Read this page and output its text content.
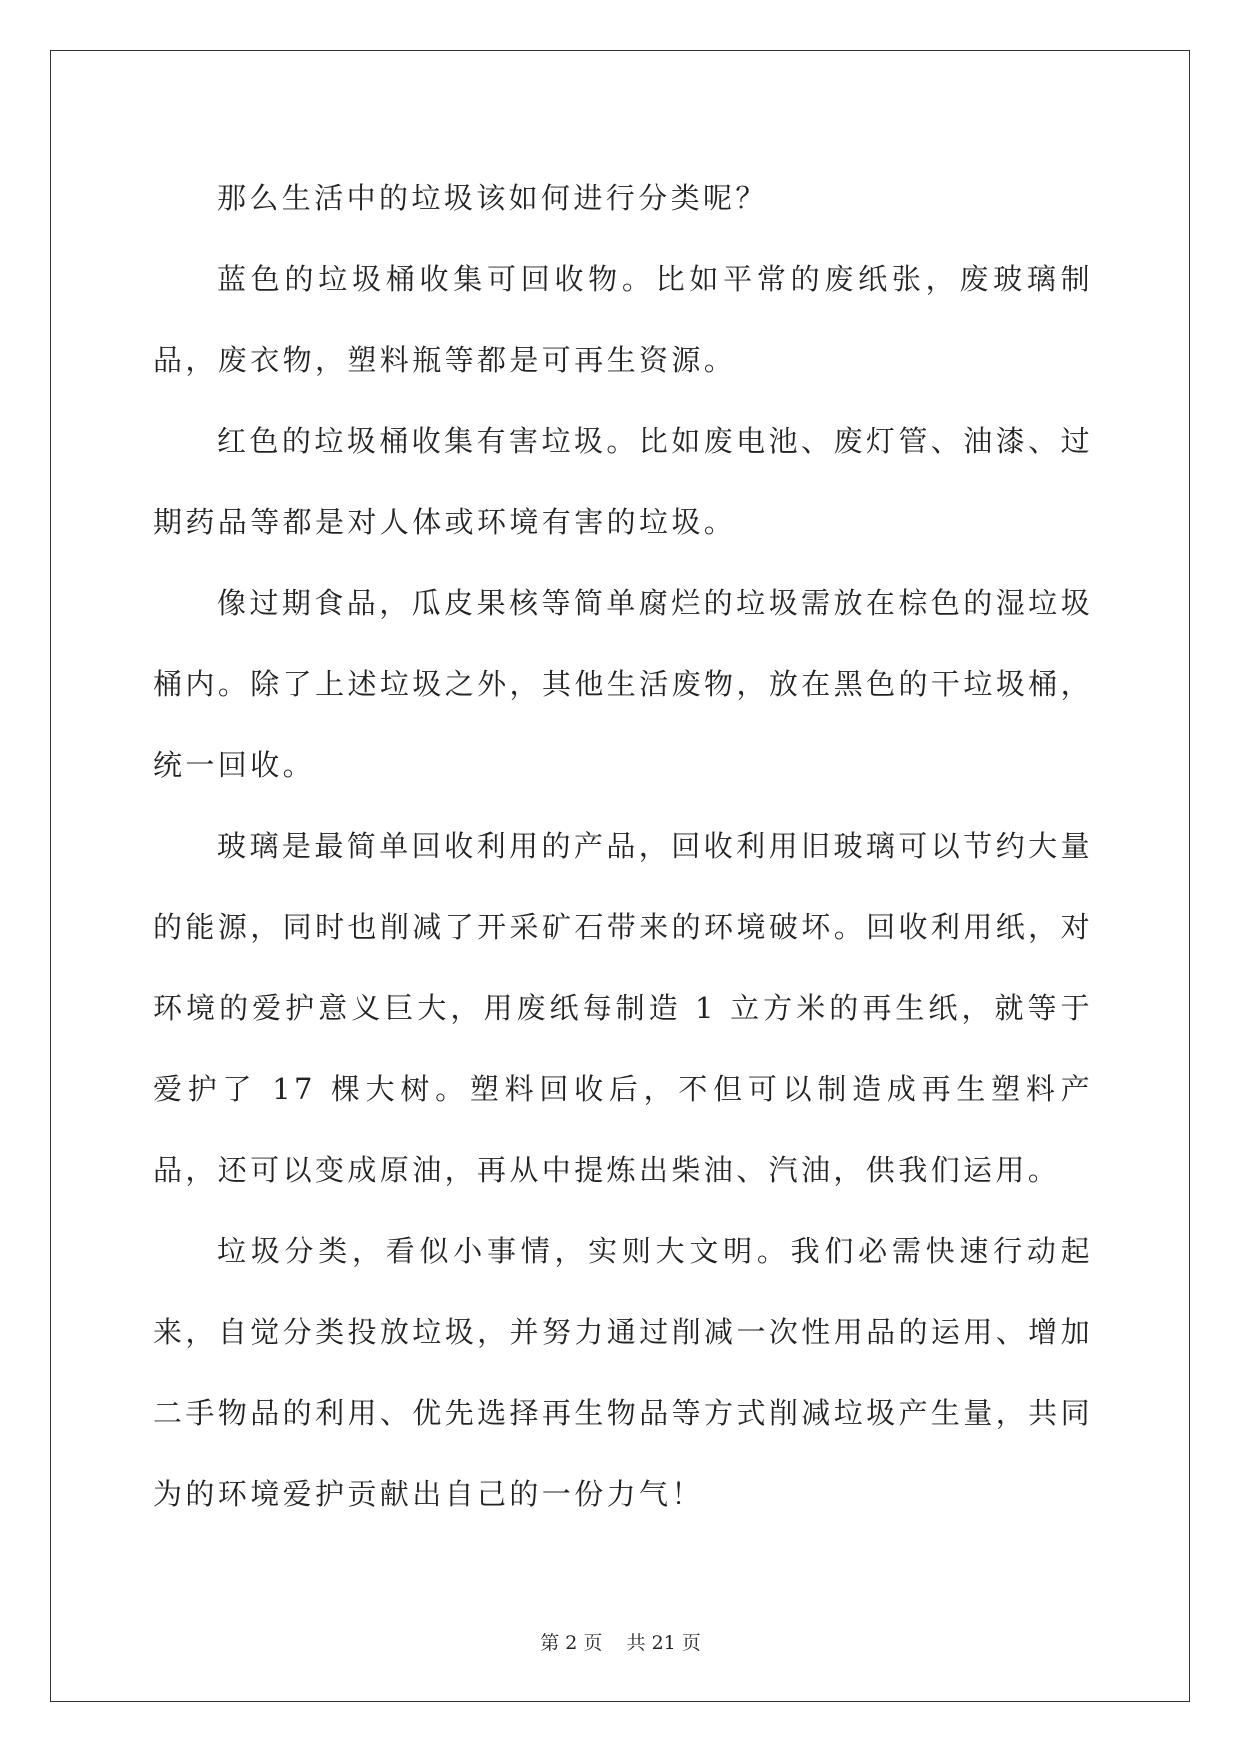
那么生活中的垃圾该如何进行分类呢？

蓝色的垃圾桶收集可回收物。比如平常的废纸张，废玻璃制品，废衣物，塑料瓶等都是可再生资源。

红色的垃圾桶收集有害垃圾。比如废电池、废灯管、油漆、过期药品等都是对人体或环境有害的垃圾。

像过期食品，瓜皮果核等简单腐烂的垃圾需放在棕色的湿垃圾桶内。除了上述垃圾之外，其他生活废物，放在黑色的干垃圾桶，统一回收。

玻璃是最简单回收利用的产品，回收利用旧玻璃可以节约大量的能源，同时也削减了开采矿石带来的环境破坏。回收利用纸，对环境的爱护意义巨大，用废纸每制造 1 立方米的再生纸，就等于爱护了 17 棵大树。塑料回收后，不但可以制造成再生塑料产品，还可以变成原油，再从中提炼出柴油、汽油，供我们运用。

垃圾分类，看似小事情，实则大文明。我们必需快速行动起来，自觉分类投放垃圾，并努力通过削减一次性用品的运用、增加二手物品的利用、优先选择再生物品等方式削减垃圾产生量，共同为的环境爱护贡献出自己的一份力气！

第 2 页 共 21 页
